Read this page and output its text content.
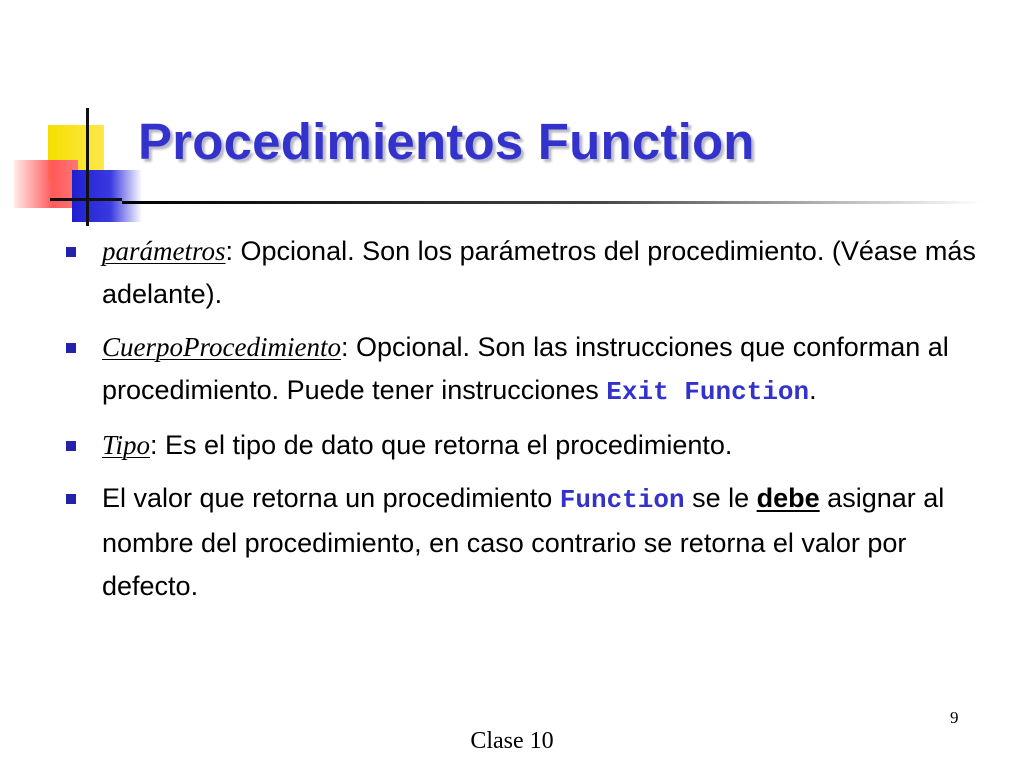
Procedimientos Function
parámetros: Opcional. Son los parámetros del procedimiento. (Véase más adelante).
CuerpoProcedimiento: Opcional. Son las instrucciones que conforman al procedimiento. Puede tener instrucciones Exit Function.
Tipo: Es el tipo de dato que retorna el procedimiento.
El valor que retorna un procedimiento Function se le debe asignar al nombre del procedimiento, en caso contrario se retorna el valor por defecto.
9
Clase 10
